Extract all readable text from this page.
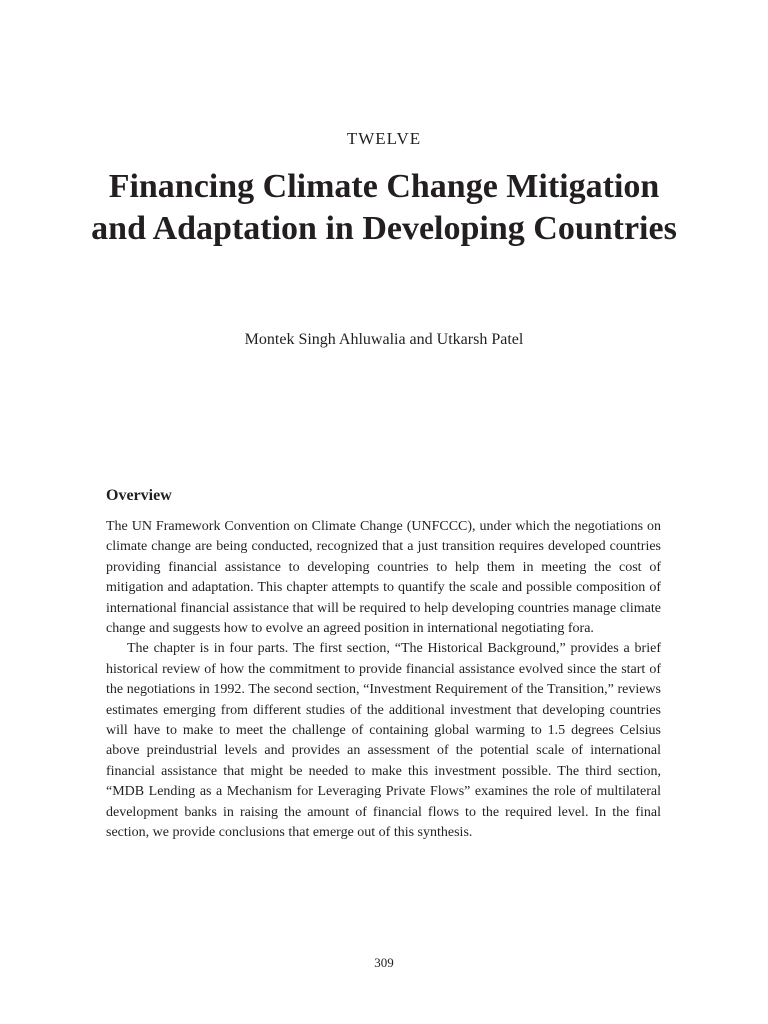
TWELVE
Financing Climate Change Mitigation and Adaptation in Developing Countries
Montek Singh Ahluwalia and Utkarsh Patel
Overview

The UN Framework Convention on Climate Change (UNFCCC), under which the negotiations on climate change are being conducted, recognized that a just transition requires developed countries providing financial assistance to developing countries to help them in meeting the cost of mitigation and adaptation. This chapter attempts to quantify the scale and possible composition of international financial assistance that will be required to help developing countries manage climate change and suggests how to evolve an agreed position in international negotiating fora.

The chapter is in four parts. The first section, “The Historical Background,” provides a brief historical review of how the commitment to provide financial assistance evolved since the start of the negotiations in 1992. The second section, “Investment Requirement of the Transition,” reviews estimates emerging from different studies of the additional investment that developing countries will have to make to meet the challenge of containing global warming to 1.5 degrees Celsius above preindustrial levels and provides an assessment of the potential scale of international financial assistance that might be needed to make this investment possible. The third section, “MDB Lending as a Mechanism for Leveraging Private Flows” examines the role of multilateral development banks in raising the amount of financial flows to the required level. In the final section, we provide conclusions that emerge out of this synthesis.

309
